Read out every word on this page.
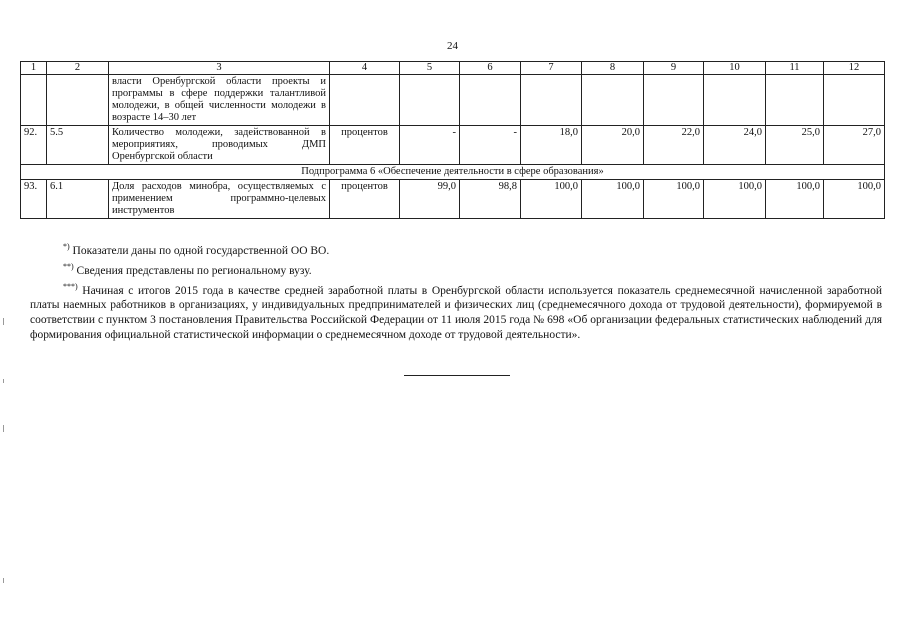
24
1	2	3	4	5	6	7	8	9	10	11	12
		власти Оренбургской области проекты и программы в сфере поддержки талантливой молодежи, в общей численности молодежи в возрасте 14–30 лет									
92.	5.5	Количество молодежи, задействованной в мероприятиях, проводимых ДМП Оренбургской области	процентов	-	-	18,0	20,0	22,0	24,0	25,0	27,0
Подпрограмма 6 «Обеспечение деятельности в сфере образования»											
93.	6.1	Доля расходов минобра, осуществляемых с применением программно-целевых инструментов	процентов	99,0	98,8	100,0	100,0	100,0	100,0	100,0	100,0

*) Показатели даны по одной государственной ОО ВО.

**) Сведения представлены по региональному вузу.

***) Начиная с итогов 2015 года в качестве средней заработной платы в Оренбургской области используется показатель среднемесячной начисленной заработной платы наемных работников в организациях, у индивидуальных предпринимателей и физических лиц (среднемесячного дохода от трудовой деятельности), формируемой в соответствии с пунктом 3 постановления Правительства Российской Федерации от 11 июля 2015 года № 698 «Об организации федеральных статистических наблюдений для формирования официальной статистической информации о среднемесячном доходе от трудовой деятельности».
